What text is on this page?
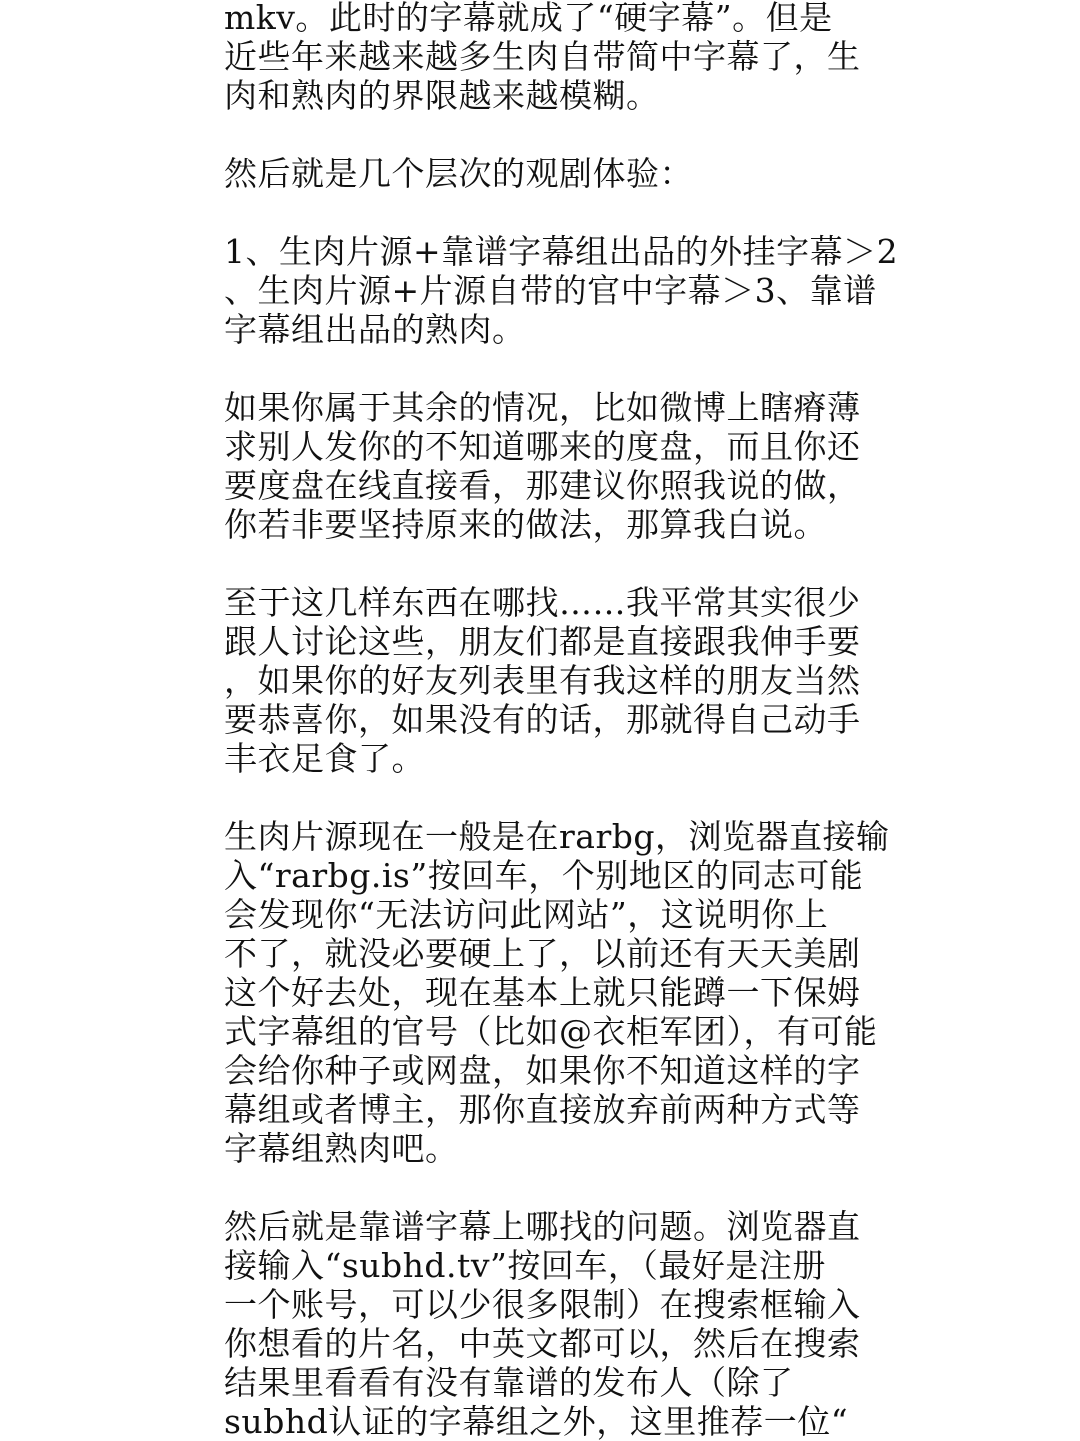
mkv。此时的字幕就成了“硬字幕”。但是
近些年来越来越多生肉自带简中字幕了，生
肉和熟肉的界限越来越模糊。
然后就是几个层次的观剧体验：
1、生肉片源+靠谱字幕组出品的外挂字幕＞2
、生肉片源+片源自带的官中字幕＞3、靠谱
字幕组出品的熟肉。
如果你属于其余的情况，比如微博上瞎瘠薄
求别人发你的不知道哪来的度盘，而且你还
要度盘在线直接看，那建议你照我说的做，
你若非要坚持原来的做法，那算我白说。
至于这几样东西在哪找……我平常其实很少
跟人讨论这些，朋友们都是直接跟我伸手要
，如果你的好友列表里有我这样的朋友当然
要恭喜你，如果没有的话，那就得自己动手
丰衣足食了。
生肉片源现在一般是在rarbg，浏览器直接输
入“rarbg.is”按回车，个别地区的同志可能
会发现你“无法访问此网站”，这说明你上
不了，就没必要硬上了，以前还有天天美剧
这个好去处，现在基本上就只能蹲一下保姆
式字幕组的官号（比如@衣柜军团），有可能
会给你种子或网盘，如果你不知道这样的字
幕组或者博主，那你直接放弃前两种方式等
字幕组熟肉吧。
然后就是靠谱字幕上哪找的问题。浏览器直
接输入“subhd.tv”按回车，（最好是注册
一个账号，可以少很多限制）在搜索框输入
你想看的片名，中英文都可以，然后在搜索
结果里看看有没有靠谱的发布人（除了
subhd认证的字幕组之外，这里推荐一位“
